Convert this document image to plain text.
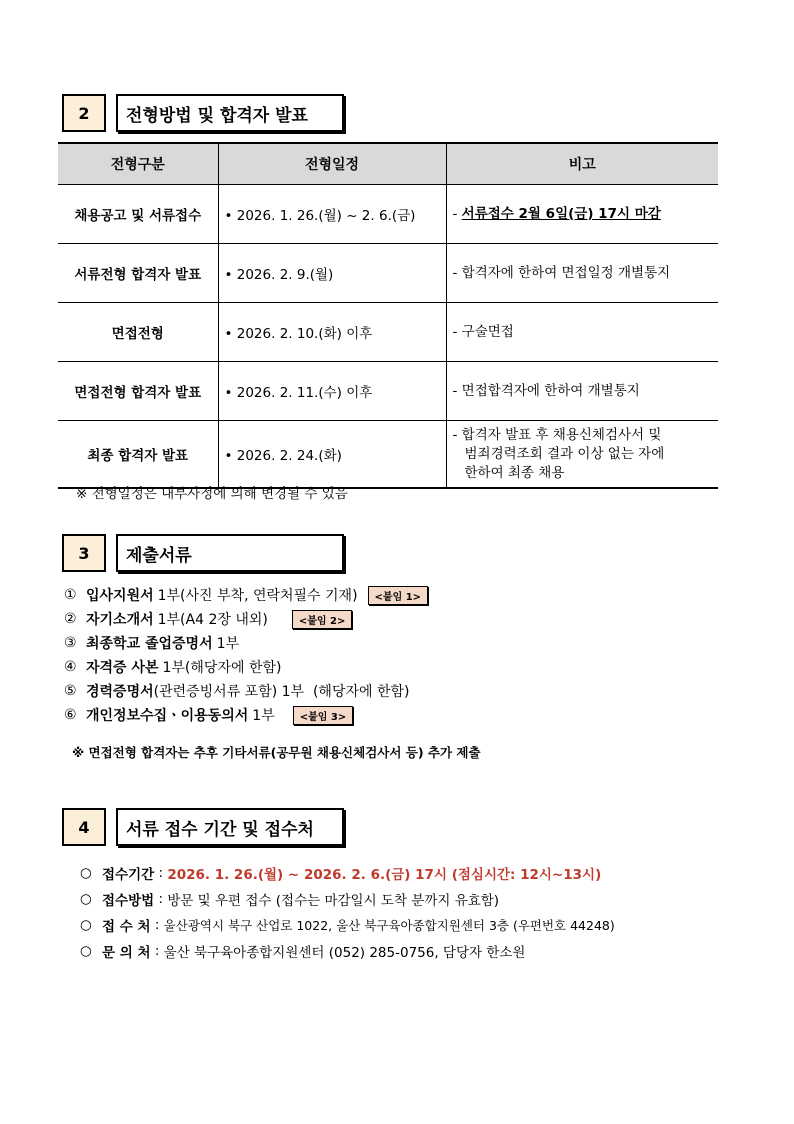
2	전형방법 및 합격자 발표
전형구분	전형일정	비고
채용공고 및 서류접수	• 2026. 1. 26.(월) ~ 2. 6.(금)	- 서류접수 2월 6일(금) 17시 마감
서류전형 합격자 발표	• 2026. 2. 9.(월)	- 합격자에 한하여 면접일정 개별통지
면접전형	• 2026. 2. 10.(화) 이후	- 구술면접
면접전형 합격자 발표	• 2026. 2. 11.(수) 이후	- 면접합격자에 한하여 개별통지
최종 합격자 발표	• 2026. 2. 24.(화)	- 합격자 발표 후 채용신체검사서 및
범죄경력조회 결과 이상 없는 자에
한하여 최종 채용
※ 전형일정은 내부사정에 의해 변경될 수 있음
3	제출서류
① 입사지원서 1부(사진 부착, 연락처필수 기재)	<붙임 1>
② 자기소개서 1부(A4 2장 내외)	<붙임 2>
③ 최종학교 졸업증명서 1부
④ 자격증 사본 1부(해당자에 한함)
⑤ 경력증명서 (관련증빙서류 포함) 1부  (해당자에 한함)
⑥ 개인정보수집ㆍ이용동의서 1부	<붙임 3>
※ 면접전형 합격자는 추후 기타서류(공무원 채용신체검사서 등) 추가 제출
4	서류 접수 기간 및 접수처
○ 접수기간 : 2026. 1. 26.(월) ~ 2026. 2. 6.(금) 17시 (점심시간: 12시~13시)
○ 접수방법 : 방문 및 우편 접수 (접수는 마감일시 도착 분까지 유효함)
○ 접 수 처 : 울산광역시 북구 산업로 1022, 울산 북구육아종합지원센터 3층 (우편번호 44248)
○ 문 의 처 : 울산 북구육아종합지원센터 (052) 285-0756, 담당자 한소원
